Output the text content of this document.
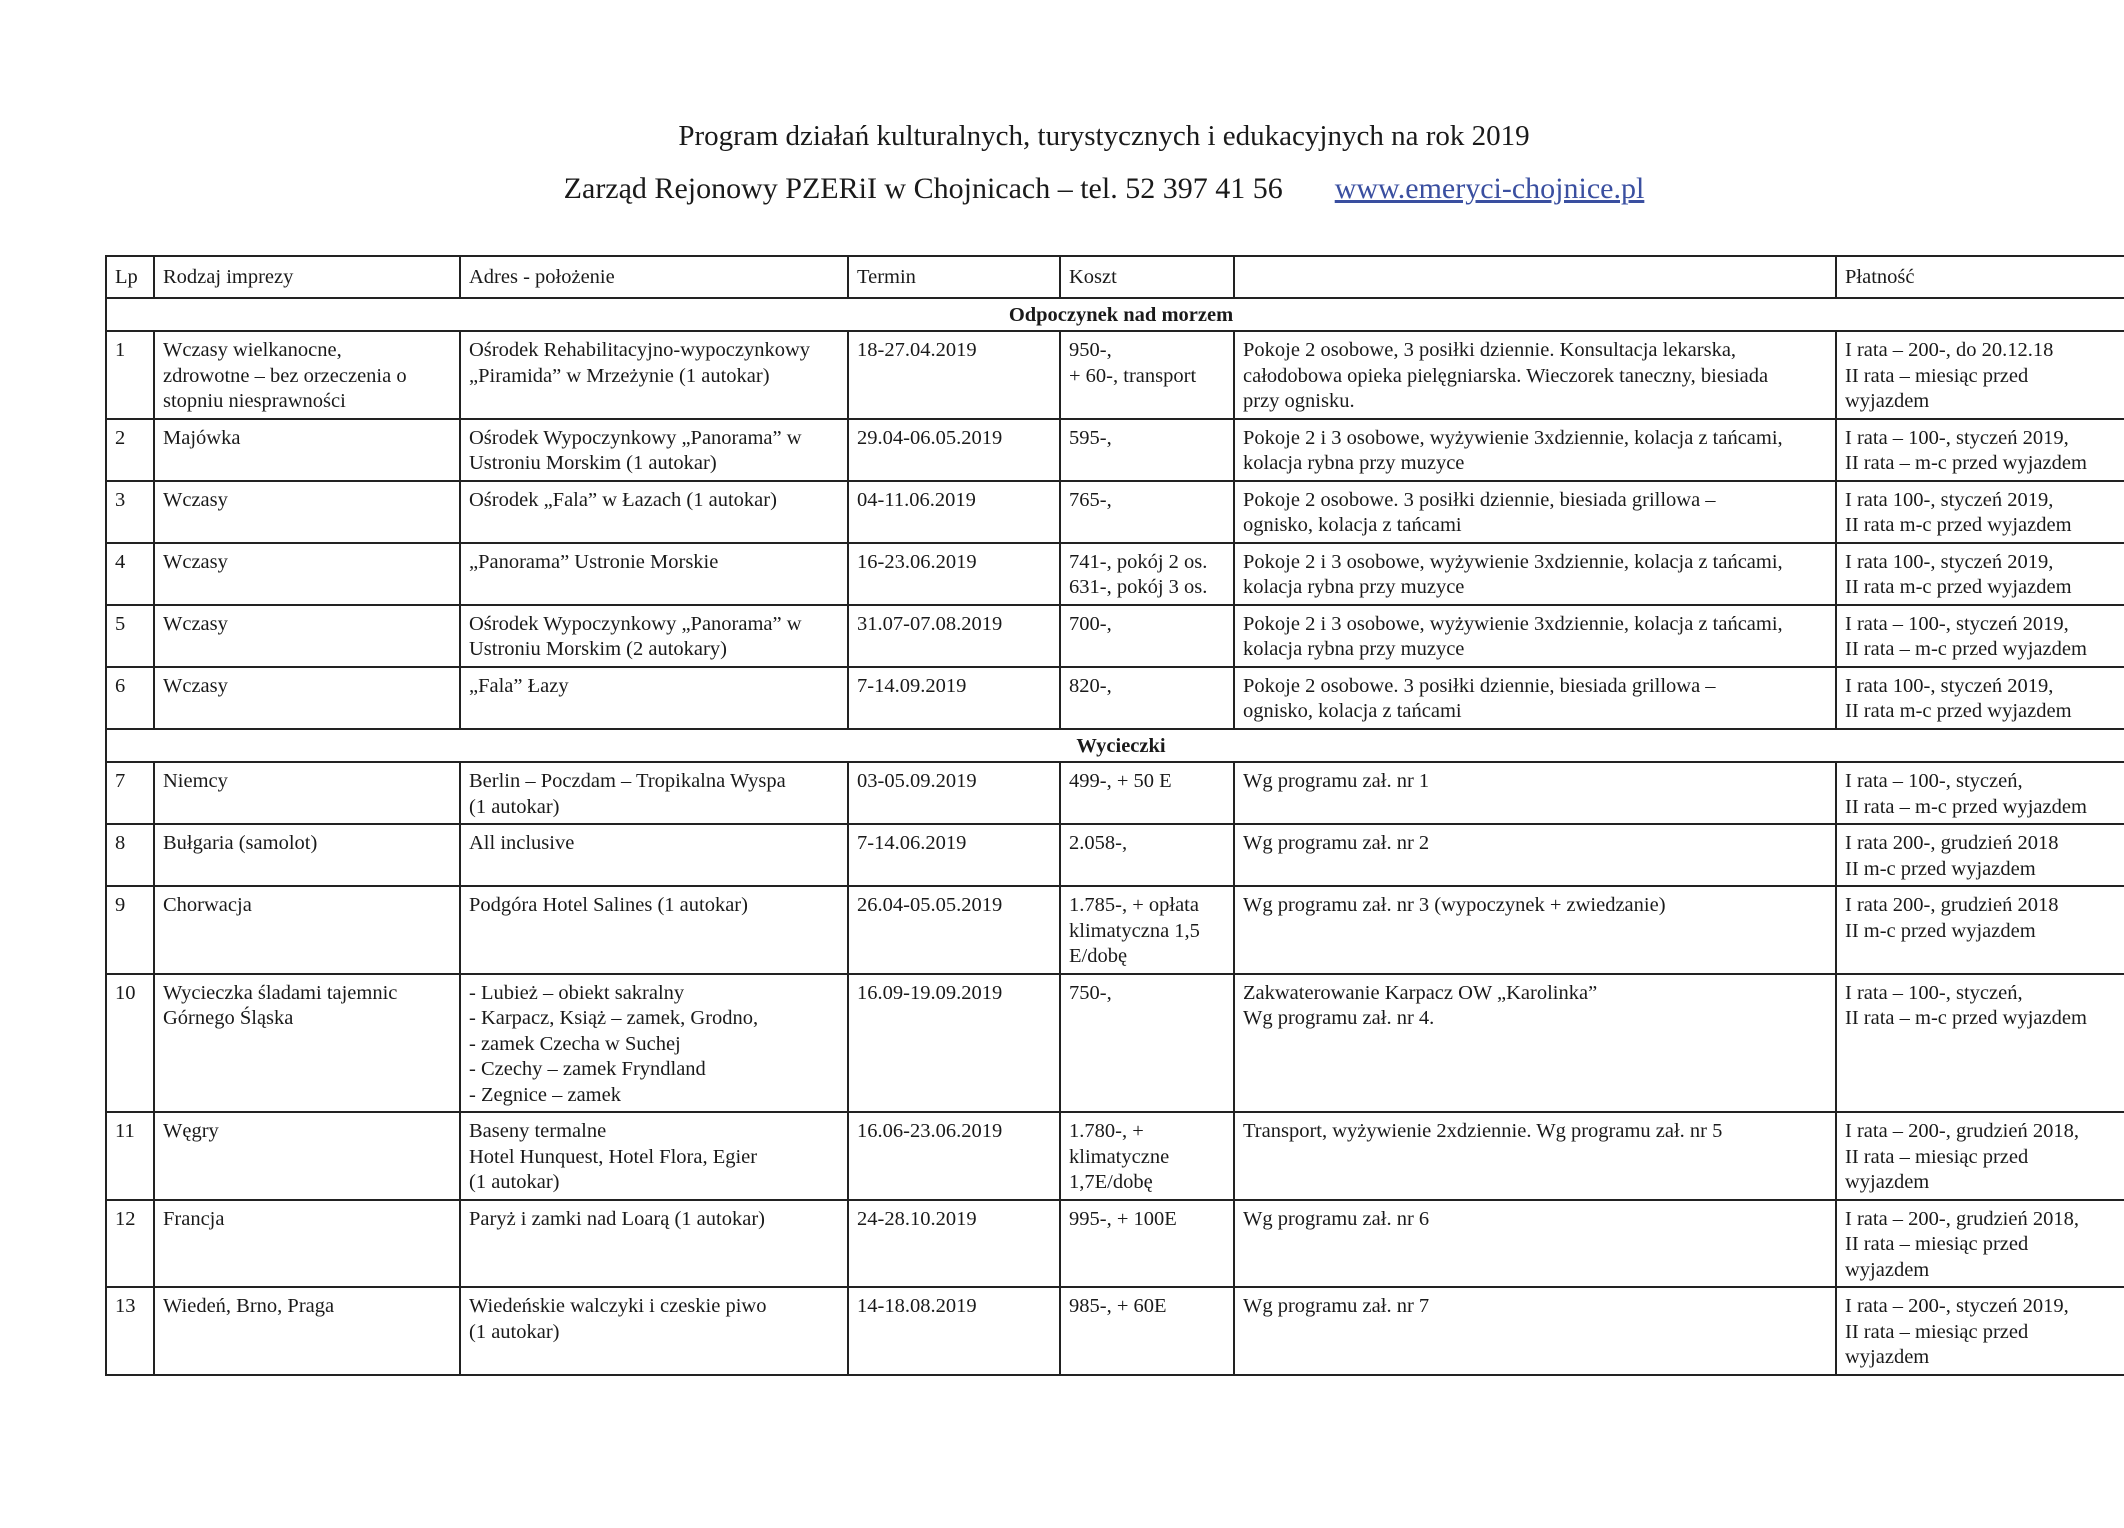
Program działań kulturalnych, turystycznych i edukacyjnych na rok 2019
Zarząd Rejonowy PZERiI w Chojnicach – tel. 52 397 41 56 www.emeryci-chojnice.pl
Lp	Rodzaj imprezy	Adres - położenie	Termin	Koszt		Płatność
Odpoczynek nad morzem						
1	Wczasy wielkanocne,
zdrowotne – bez orzeczenia o
stopniu niesprawności	Ośrodek Rehabilitacyjno-wypoczynkowy
„Piramida” w Mrzeżynie (1 autokar)	18-27.04.2019	950-,
+ 60-, transport	Pokoje 2 osobowe, 3 posiłki dziennie. Konsultacja lekarska,
całodobowa opieka pielęgniarska. Wieczorek taneczny, biesiada
przy ognisku.	I rata – 200-, do 20.12.18
II rata – miesiąc przed
wyjazdem

2	Majówka	Ośrodek Wypoczynkowy „Panorama” w
Ustroniu Morskim (1 autokar)	29.04-06.05.2019	595-,	Pokoje 2 i 3 osobowe, wyżywienie 3xdziennie, kolacja z tańcami,
kolacja rybna przy muzyce	I rata – 100-, styczeń 2019,
II rata – m-c przed wyjazdem

3	Wczasy	Ośrodek „Fala” w Łazach (1 autokar)	04-11.06.2019	765-,	Pokoje 2 osobowe. 3 posiłki dziennie, biesiada grillowa –
ognisko, kolacja z tańcami	I rata 100-, styczeń 2019,
II rata m-c przed wyjazdem

4	Wczasy	„Panorama” Ustronie Morskie	16-23.06.2019	741-, pokój 2 os.
631-, pokój 3 os.	Pokoje 2 i 3 osobowe, wyżywienie 3xdziennie, kolacja z tańcami,
kolacja rybna przy muzyce	I rata 100-, styczeń 2019,
II rata m-c przed wyjazdem

5	Wczasy	Ośrodek Wypoczynkowy „Panorama” w
Ustroniu Morskim (2 autokary)	31.07-07.08.2019	700-,	Pokoje 2 i 3 osobowe, wyżywienie 3xdziennie, kolacja z tańcami,
kolacja rybna przy muzyce	I rata – 100-, styczeń 2019,
II rata – m-c przed wyjazdem

6	Wczasy	„Fala” Łazy	7-14.09.2019	820-,	Pokoje 2 osobowe. 3 posiłki dziennie, biesiada grillowa –
ognisko, kolacja z tańcami	I rata 100-, styczeń 2019,
II rata m-c przed wyjazdem

Wycieczki						
7	Niemcy	Berlin – Poczdam – Tropikalna Wyspa
(1 autokar)	03-05.09.2019	499-, + 50 E	Wg programu zał. nr 1	I rata – 100-, styczeń,
II rata – m-c przed wyjazdem

8	Bułgaria (samolot)	All inclusive	7-14.06.2019	2.058-,	Wg programu zał. nr 2	I rata 200-, grudzień 2018
II m-c przed wyjazdem

9	Chorwacja	Podgóra Hotel Salines (1 autokar)	26.04-05.05.2019	1.785-, + opłata
klimatyczna 1,5
E/dobę	Wg programu zał. nr 3 (wypoczynek + zwiedzanie)	I rata 200-, grudzień 2018
II m-c przed wyjazdem

10	Wycieczka śladami tajemnic
Górnego Śląska	- Lubież – obiekt sakralny
- Karpacz, Książ – zamek, Grodno,
- zamek Czecha w Suchej
- Czechy – zamek Fryndland
- Zegnice – zamek	16.09-19.09.2019	750-,	Zakwaterowanie Karpacz OW „Karolinka”
Wg programu zał. nr 4.	I rata – 100-, styczeń,
II rata – m-c przed wyjazdem

11	Węgry	Baseny termalne
Hotel Hunquest, Hotel Flora, Egier
(1 autokar)	16.06-23.06.2019	1.780-, +
klimatyczne
1,7E/dobę	Transport, wyżywienie 2xdziennie. Wg programu zał. nr 5	I rata – 200-, grudzień 2018,
II rata – miesiąc przed
wyjazdem

12	Francja	Paryż i zamki nad Loarą (1 autokar)	24-28.10.2019	995-, + 100E	Wg programu zał. nr 6	I rata – 200-, grudzień 2018,
II rata – miesiąc przed
wyjazdem

13	Wiedeń, Brno, Praga	Wiedeńskie walczyki i czeskie piwo
(1 autokar)	14-18.08.2019	985-, + 60E	Wg programu zał. nr 7	I rata – 200-, styczeń 2019,
II rata – miesiąc przed
wyjazdem
